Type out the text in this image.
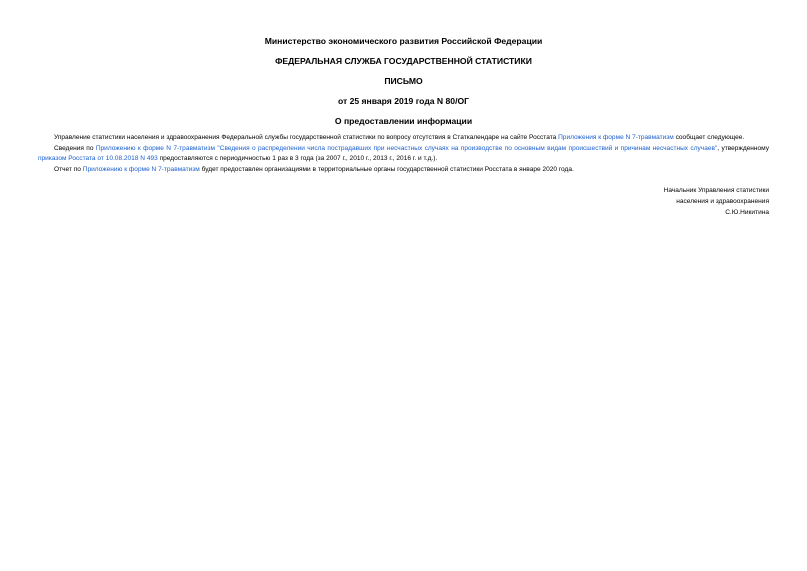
Министерство экономического развития Российской Федерации
ФЕДЕРАЛЬНАЯ СЛУЖБА ГОСУДАРСТВЕННОЙ СТАТИСТИКИ
ПИСЬМО
от 25 января 2019 года N 80/ОГ
О предоставлении информации

Управление статистики населения и здравоохранения Федеральной службы государственной статистики по вопросу отсутствия в Статкалендаре на сайте Росстата Приложения к форме N 7-травматизм сообщает следующее.

Сведения по Приложению к форме N 7-травматизм "Сведения о распределении числа пострадавших при несчастных случаях на производстве по основным видам происшествий и причинам несчастных случаев", утвержденному приказом Росстата от 10.08.2018 N 493 предоставляются с периодичностью 1 раз в 3 года (за 2007 г., 2010 г., 2013 г., 2016 г. и т.д.).

Отчет по Приложению к форме N 7-травматизм будет предоставлен организациями в территориальные органы государственной статистики Росстата в январе 2020 года.

Начальник Управления статистики
населения и здравоохранения
С.Ю.Никитина
